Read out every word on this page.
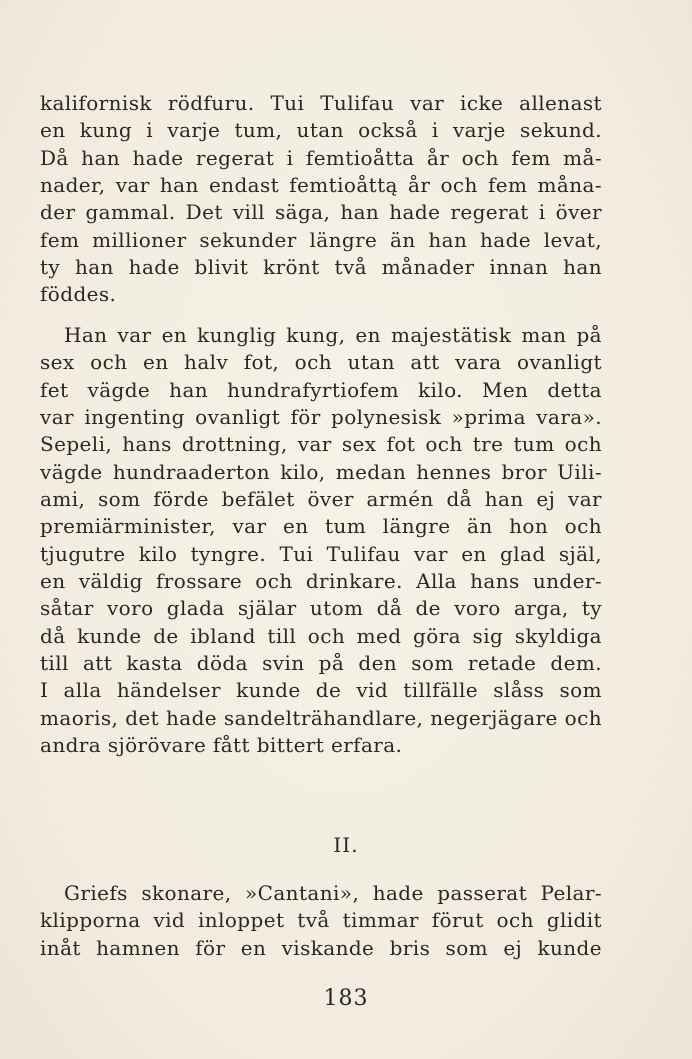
kalifornisk rödfuru. Tui Tulifau var icke allenast
en kung i varje tum, utan också i varje sekund.
Då han hade regerat i femtioåtta år och fem må-
nader, var han endast femtioåttą år och fem måna-
der gammal. Det vill säga, han hade regerat i över
fem millioner sekunder längre än han hade levat,
ty han hade blivit krönt två månader innan han
föddes.
Han var en kunglig kung, en majestätisk man på
sex och en halv fot, och utan att vara ovanligt
fet vägde han hundrafyrtiofem kilo. Men detta
var ingenting ovanligt för polynesisk »prima vara».
Sepeli, hans drottning, var sex fot och tre tum och
vägde hundraaderton kilo, medan hennes bror Uili-
ami, som förde befälet över armén då han ej var
premiärminister, var en tum längre än hon och
tjugutre kilo tyngre. Tui Tulifau var en glad själ,
en väldig frossare och drinkare. Alla hans under-
såtar voro glada själar utom då de voro arga, ty
då kunde de ibland till och med göra sig skyldiga
till att kasta döda svin på den som retade dem.
I alla händelser kunde de vid tillfälle slåss som
maoris, det hade sandelträhandlare, negerjägare och
andra sjörövare fått bittert erfara.
II.
Griefs skonare, »Cantani», hade passerat Pelar-
klipporna vid inloppet två timmar förut och glidit
inåt hamnen för en viskande bris som ej kunde
183
